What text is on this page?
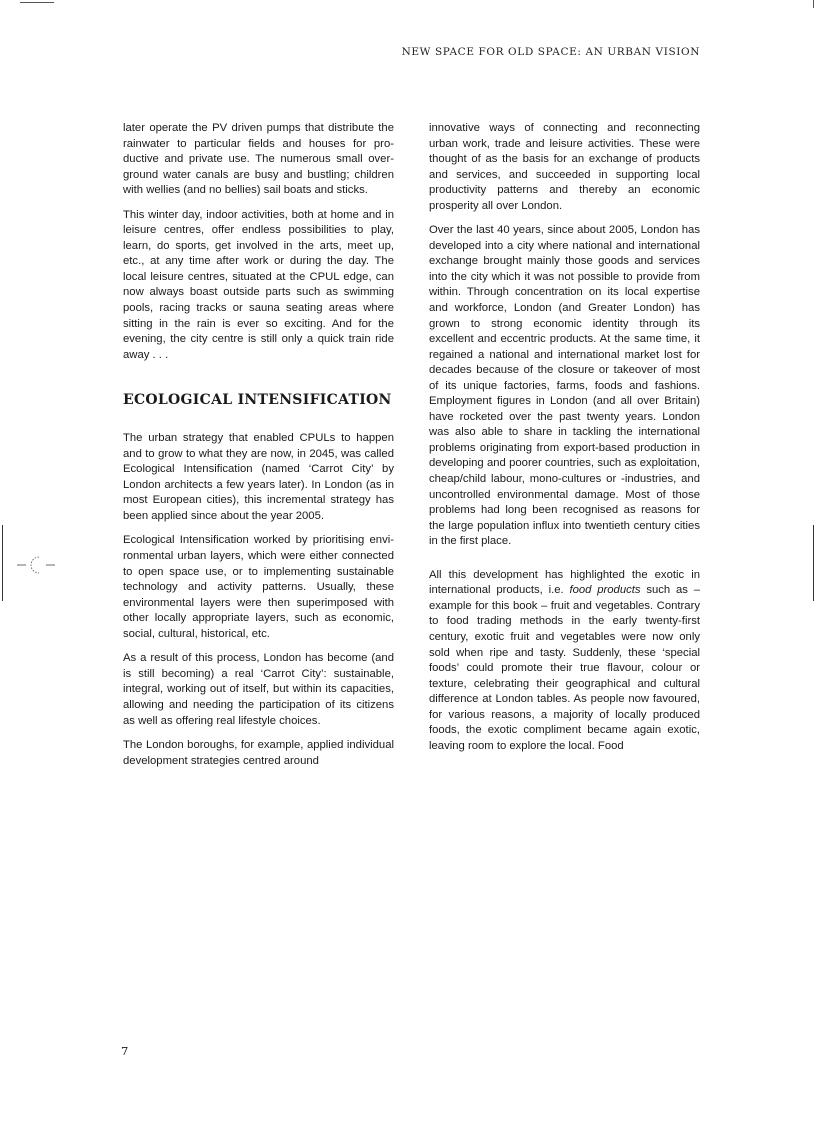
NEW SPACE FOR OLD SPACE: AN URBAN VISION

later operate the PV driven pumps that distribute the rainwater to particular fields and houses for productive and private use. The numerous small overground water canals are busy and bustling; children with wellies (and no bellies) sail boats and sticks.

This winter day, indoor activities, both at home and in leisure centres, offer endless possibilities to play, learn, do sports, get involved in the arts, meet up, etc., at any time after work or during the day. The local leisure centres, situated at the CPUL edge, can now always boast outside parts such as swimming pools, racing tracks or sauna seating areas where sitting in the rain is ever so exciting. And for the evening, the city centre is still only a quick train ride away . . .

ECOLOGICAL INTENSIFICATION

The urban strategy that enabled CPULs to happen and to grow to what they are now, in 2045, was called Ecological Intensification (named ‘Carrot City’ by London architects a few years later). In London (as in most European cities), this incremental strategy has been applied since about the year 2005.

Ecological Intensification worked by prioritising environmental urban layers, which were either connected to open space use, or to implementing sustainable technology and activity patterns. Usually, these environmental layers were then superimposed with other locally appropriate layers, such as economic, social, cultural, historical, etc.

As a result of this process, London has become (and is still becoming) a real ‘Carrot City’: sustainable, integral, working out of itself, but within its capacities, allowing and needing the participation of its citizens as well as offering real lifestyle choices.

The London boroughs, for example, applied individual development strategies centred around

innovative ways of connecting and reconnecting urban work, trade and leisure activities. These were thought of as the basis for an exchange of products and services, and succeeded in supporting local productivity patterns and thereby an economic prosperity all over London.

Over the last 40 years, since about 2005, London has developed into a city where national and international exchange brought mainly those goods and services into the city which it was not possible to provide from within. Through concentration on its local expertise and workforce, London (and Greater London) has grown to strong economic identity through its excellent and eccentric products. At the same time, it regained a national and international market lost for decades because of the closure or takeover of most of its unique factories, farms, foods and fashions. Employment figures in London (and all over Britain) have rocketed over the past twenty years. London was also able to share in tackling the international problems originating from export-based production in developing and poorer countries, such as exploitation, cheap/child labour, mono-cultures or -industries, and uncontrolled environmental damage. Most of those problems had long been recognised as reasons for the large population influx into twentieth century cities in the first place.

All this development has highlighted the exotic in international products, i.e. food products such as – example for this book – fruit and vegetables. Contrary to food trading methods in the early twenty-first century, exotic fruit and vegetables were now only sold when ripe and tasty. Suddenly, these ‘special foods’ could promote their true flavour, colour or texture, celebrating their geographical and cultural difference at London tables. As people now favoured, for various reasons, a majority of locally produced foods, the exotic compliment became again exotic, leaving room to explore the local. Food

7
